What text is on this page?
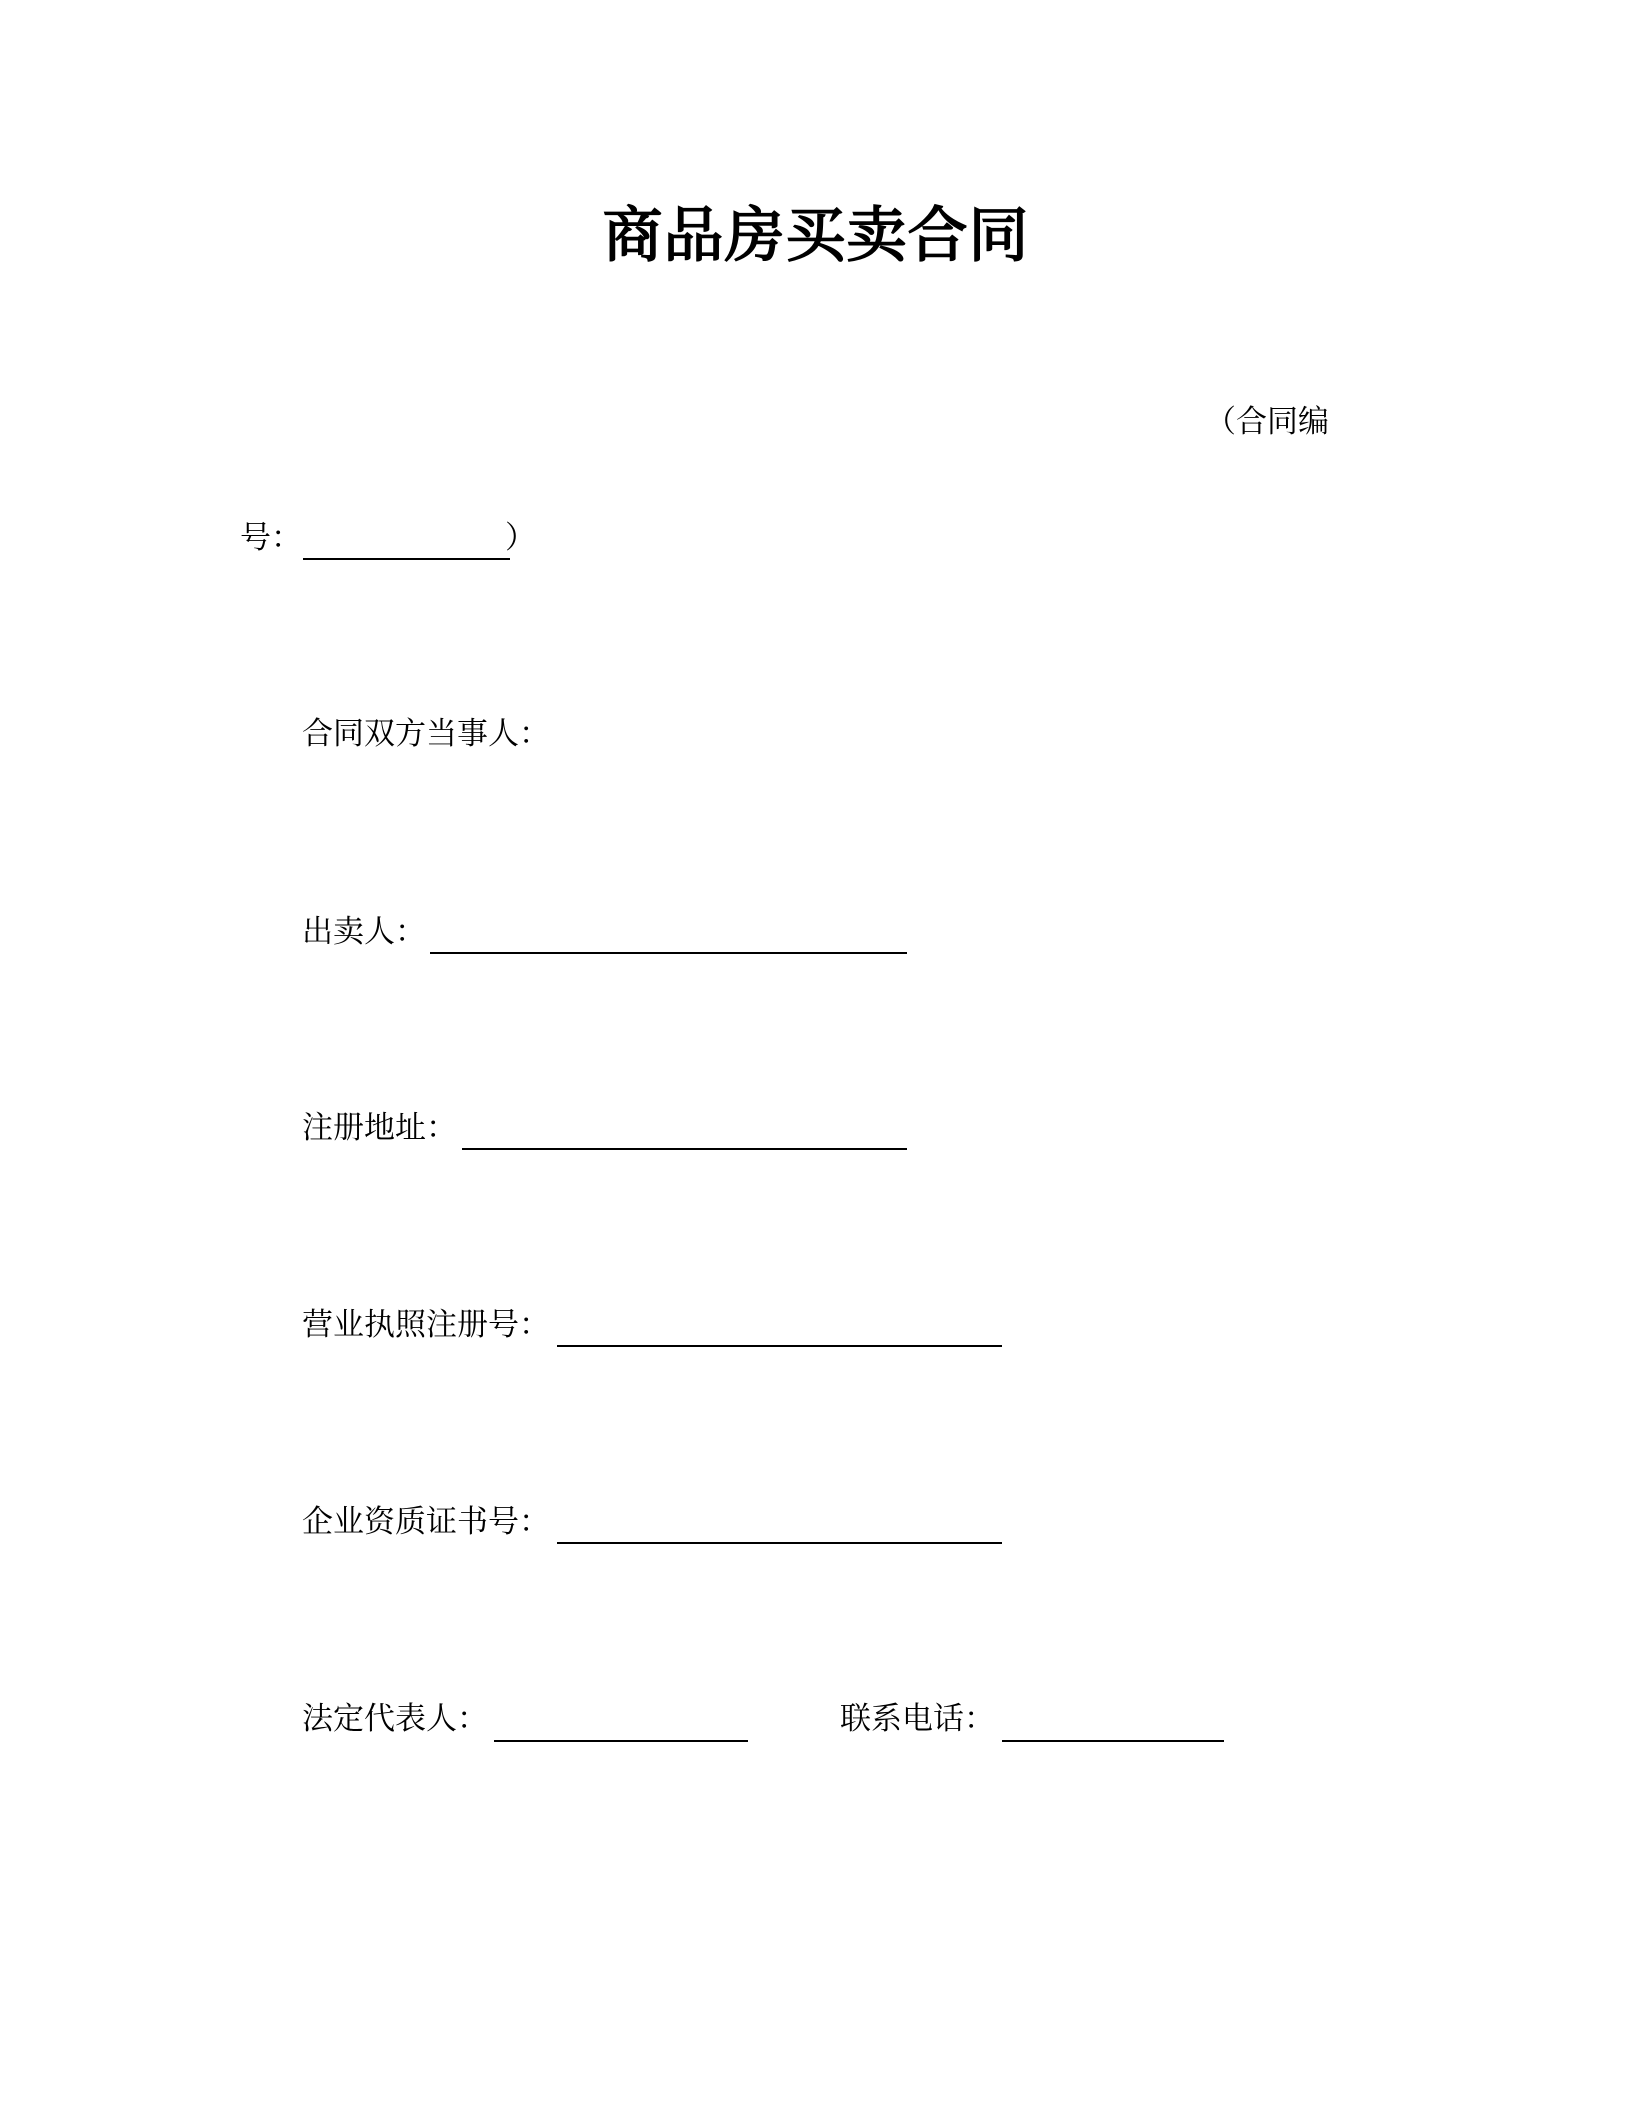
商品房买卖合同
（合同编
号：	）
合同双方当事人：
出卖人：
注册地址：
营业执照注册号：
企业资质证书号：
法定代表人：	联系电话：
